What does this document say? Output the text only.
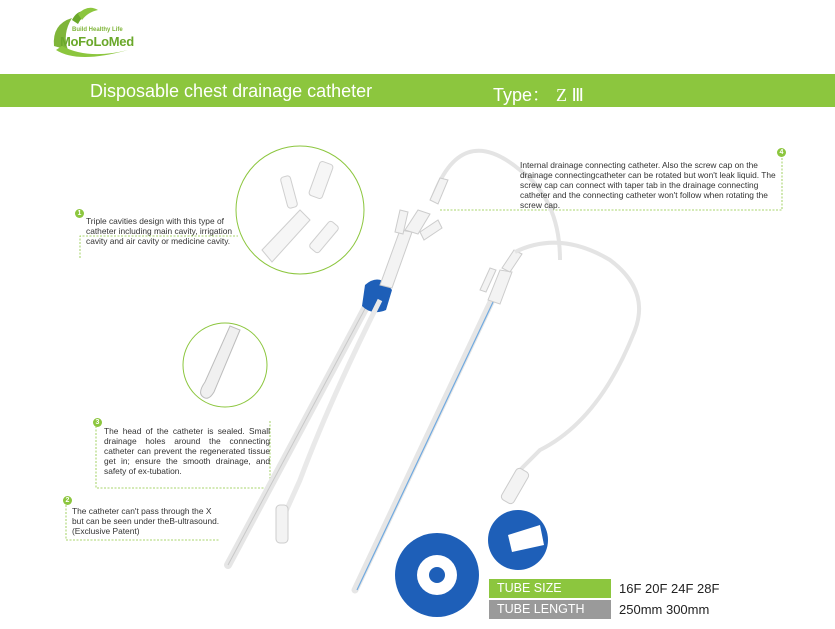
Build Healthy Life
MoFoLoMed
Disposable chest drainage catheter	Type： Z Ⅲ
1
Triple cavities design with this type of catheter including main cavity, irrigation cavity and air cavity or medicine cavity.
2
The catheter can't pass through the X but can be seen under theB-ultrasound.(Exclusive Patent)
3
The head of the catheter is sealed. Small drainage holes around the connecting catheter can prevent the regenerated tissue get in; ensure the smooth drainage, and safety of ex-tubation.
4
Internal drainage connecting catheter. Also the screw cap on the drainage connectingcatheter can be rotated but won't leak liquid. The screw cap can connect with taper tab in the drainage connecting catheter and the connecting catheter won't follow when rotating the screw cap.
TUBE SIZE	16F 20F 24F 28F
TUBE LENGTH	250mm 300mm
